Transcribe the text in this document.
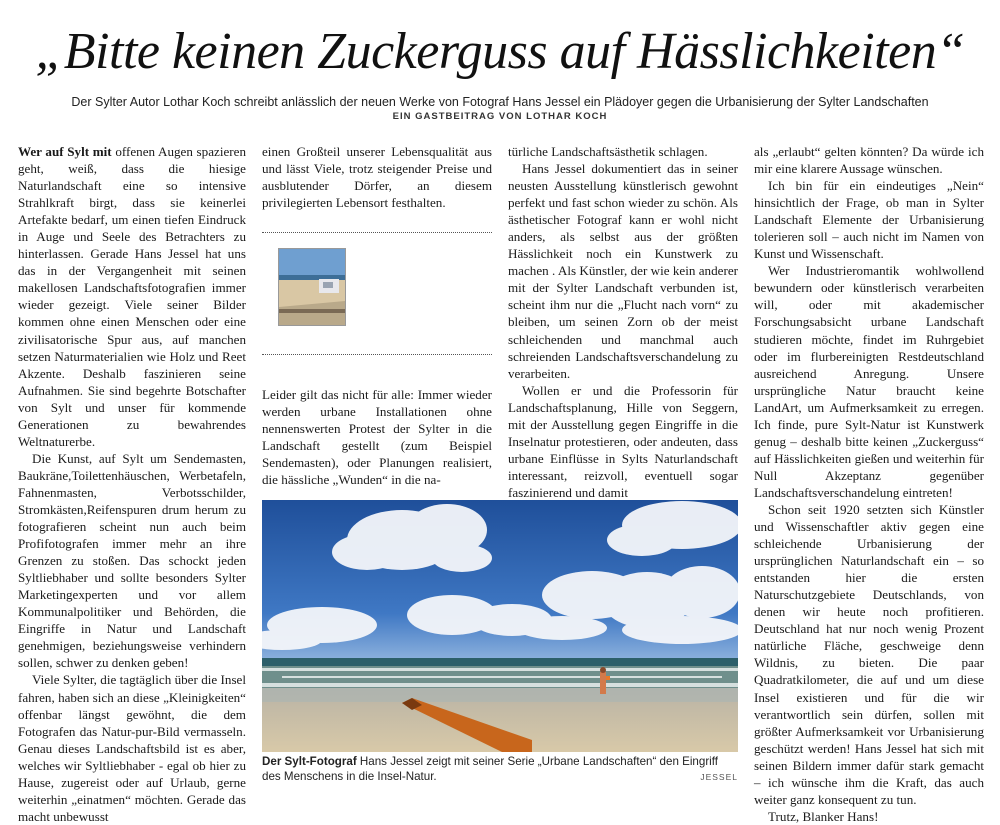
„Bitte keinen Zuckerguss auf Hässlichkeiten“
Der Sylter Autor Lothar Koch schreibt anlässlich der neuen Werke von Fotograf Hans Jessel ein Plädoyer gegen die Urbanisierung der Sylter Landschaften
EIN GASTBEITRAG VON LOTHAR KOCH

Wer auf Sylt mit offenen Augen spazieren geht, weiß, dass die hiesige Naturlandschaft eine so intensive Strahlkraft birgt, dass sie keinerlei Artefakte bedarf, um einen tiefen Eindruck in Auge und Seele des Betrachters zu hinterlassen. Gerade Hans Jessel hat uns das in der Vergangenheit mit seinen makellosen Landschaftsfotografien immer wieder gezeigt. Viele seiner Bilder kommen ohne einen Menschen oder eine zivilisatorische Spur aus, auf manchen setzen Naturmaterialien wie Holz und Reet Akzente. Deshalb faszinieren seine Aufnahmen. Sie sind begehrte Botschafter von Sylt und unser für kommende Generationen zu bewahrendes Weltnaturerbe.

Die Kunst, auf Sylt um Sendemasten, Baukräne,Toilettenhäuschen, Werbetafeln, Fahnenmasten, Verbotsschilder, Stromkästen,Reifenspuren drum herum zu fotografieren scheint nun auch beim Profifotografen immer mehr an ihre Grenzen zu stoßen. Das schockt jeden Syltliebhaber und sollte besonders Sylter Marketingexperten und vor allem Kommunalpolitiker und Behörden, die Eingriffe in Natur und Landschaft genehmigen, beziehungsweise verhindern sollen, schwer zu denken geben!

Viele Sylter, die tagtäglich über die Insel fahren, haben sich an diese „Kleinigkeiten“ offenbar längst gewöhnt, die dem Fotografen das Natur-pur-Bild vermasseln. Genau dieses Landschaftsbild ist es aber, welches wir Syltliebhaber - egal ob hier zu Hause, zugereist oder auf Urlaub, gerne weiterhin „einatmen“ möchten. Gerade das macht unbewusst

einen Großteil unserer Lebensqualität aus und lässt Viele, trotz steigender Preise und ausblutender Dörfer, an diesem privilegierten Lebensort festhalten.

Leider gilt das nicht für alle: Immer wieder werden urbane Installationen ohne nennenswerten Protest der Sylter in die Landschaft gestellt (zum Beispiel Sendemasten), oder Planungen realisiert, die hässliche „Wunden“ in die na-

türliche Landschaftsästhetik schlagen.

Hans Jessel dokumentiert das in seiner neusten Ausstellung künstlerisch gewohnt perfekt und fast schon wieder zu schön. Als ästhetischer Fotograf kann er wohl nicht anders, als selbst aus der größten Hässlichkeit noch ein Kunstwerk zu machen . Als Künstler, der wie kein anderer mit der Sylter Landschaft verbunden ist, scheint ihm nur die „Flucht nach vorn“ zu bleiben, um seinen Zorn ob der meist schleichenden und manchmal auch schreienden Landschaftsverschandelung zu verarbeiten.

Wollen er und die Professorin für Landschaftsplanung, Hille von Seggern, mit der Ausstellung gegen Eingriffe in die Inselnatur protestieren, oder andeuten, dass urbane Einflüsse in Sylts Naturlandschaft interessant, reizvoll, eventuell sogar faszinierend und damit

als „erlaubt“ gelten könnten? Da würde ich mir eine klarere Aussage wünschen.

Ich bin für ein eindeutiges „Nein“ hinsichtlich der Frage, ob man in Sylter Landschaft Elemente der Urbanisierung tolerieren soll – auch nicht im Namen von Kunst und Wissenschaft.

Wer Industrieromantik wohlwollend bewundern oder künstlerisch verarbeiten will, oder mit akademischer Forschungsabsicht urbane Landschaft studieren möchte, findet im Ruhrgebiet oder im flurbereinigten Restdeutschland ausreichend Anregung. Unsere ursprüngliche Natur braucht keine LandArt, um Aufmerksamkeit zu erregen. Ich finde, pure Sylt-Natur ist Kunstwerk genug – deshalb bitte keinen „Zuckerguss“ auf Hässlichkeiten gießen und weiterhin für Null Akzeptanz gegenüber Landschaftsverschandelung eintreten!

Schon seit 1920 setzten sich Künstler und Wissenschaftler aktiv gegen eine schleichende Urbanisierung der ursprünglichen Naturlandschaft ein – so entstanden hier die ersten Naturschutzgebiete Deutschlands, von denen wir heute noch profitieren. Deutschland hat nur noch wenig Prozent natürliche Fläche, geschweige denn Wildnis, zu bieten. Die paar Quadratkilometer, die auf und um diese Insel existieren und für die wir verantwortlich sein dürfen, sollen mit größter Aufmerksamkeit vor Urbanisierung geschützt werden! Hans Jessel hat sich mit seinen Bildern immer dafür stark gemacht – ich wünsche ihm die Kraft, das auch weiter ganz konsequent zu tun.

Trutz, Blanker Hans!

Der Sylt-Fotograf Hans Jessel zeigt mit seiner Serie „Urbane Landschaften“ den Eingriff des Menschens in die Insel-Natur.	JESSEL
